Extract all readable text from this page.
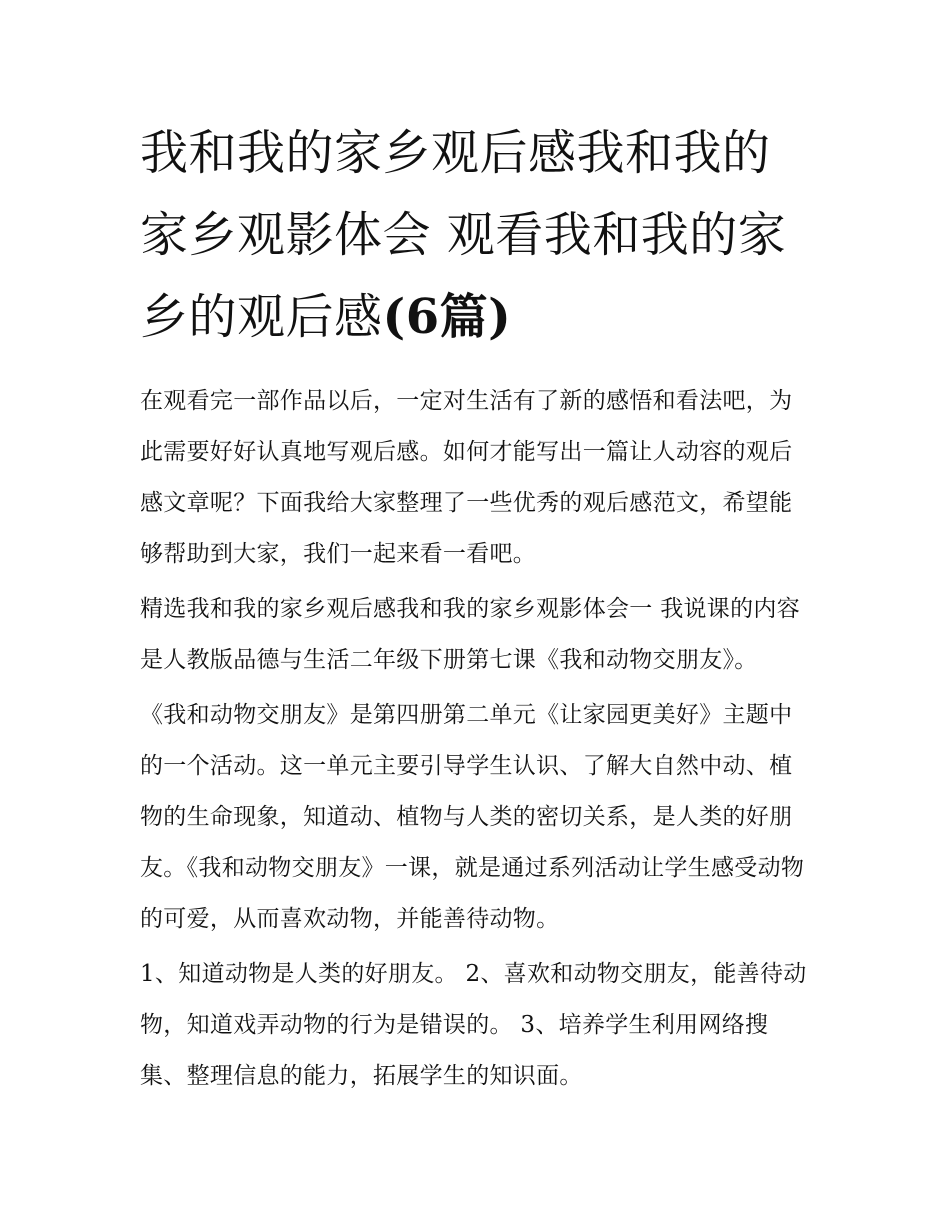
我和我的家乡观后感我和我的家乡观影体会 观看我和我的家乡的观后感(6篇)

在观看完一部作品以后，一定对生活有了新的感悟和看法吧，为此需要好好认真地写观后感。如何才能写出一篇让人动容的观后感文章呢？下面我给大家整理了一些优秀的观后感范文，希望能够帮助到大家，我们一起来看一看吧。

精选我和我的家乡观后感我和我的家乡观影体会一 我说课的内容是人教版品德与生活二年级下册第七课《我和动物交朋友》。

《我和动物交朋友》是第四册第二单元《让家园更美好》主题中的一个活动。这一单元主要引导学生认识、了解大自然中动、植物的生命现象，知道动、植物与人类的密切关系，是人类的好朋友。《我和动物交朋友》一课，就是通过系列活动让学生感受动物的可爱，从而喜欢动物，并能善待动物。

1、知道动物是人类的好朋友。 2、喜欢和动物交朋友，能善待动物，知道戏弄动物的行为是错误的。 3、培养学生利用网络搜集、整理信息的能力，拓展学生的知识面。
